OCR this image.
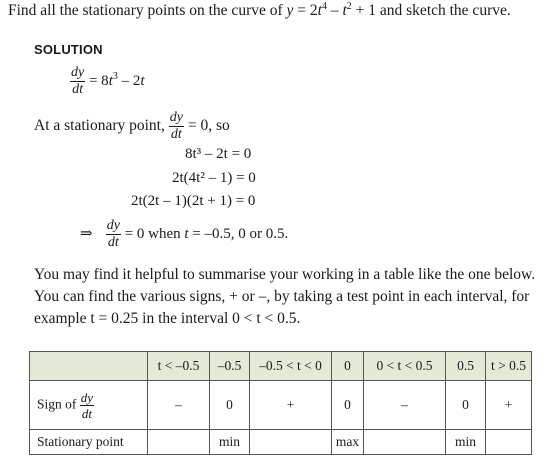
Find all the stationary points on the curve of $y = 2t^4 - t^2 + 1$ and sketch the curve.
SOLUTION
$\frac{dy}{dt} = 8t^3 - 2t$
At a stationary point, $\frac{dy}{dt} = 0$, so
8t³ – 2t = 0
2t(4t² – 1) = 0
2t(2t – 1)(2t + 1) = 0
⇒ $\frac{dy}{dt} = 0$ when t = –0.5, 0 or 0.5.
You may find it helpful to summarise your working in a table like the one below. You can find the various signs, + or –, by taking a test point in each interval, for example t = 0.25 in the interval 0 < t < 0.5.
	t < –0.5	–0.5	–0.5 < t < 0	0	0 < t < 0.5	0.5	t > 0.5
Sign of $\frac{dy}{dt}$	–	0	+	0	–	0	+
Stationary point		min		max		min	
